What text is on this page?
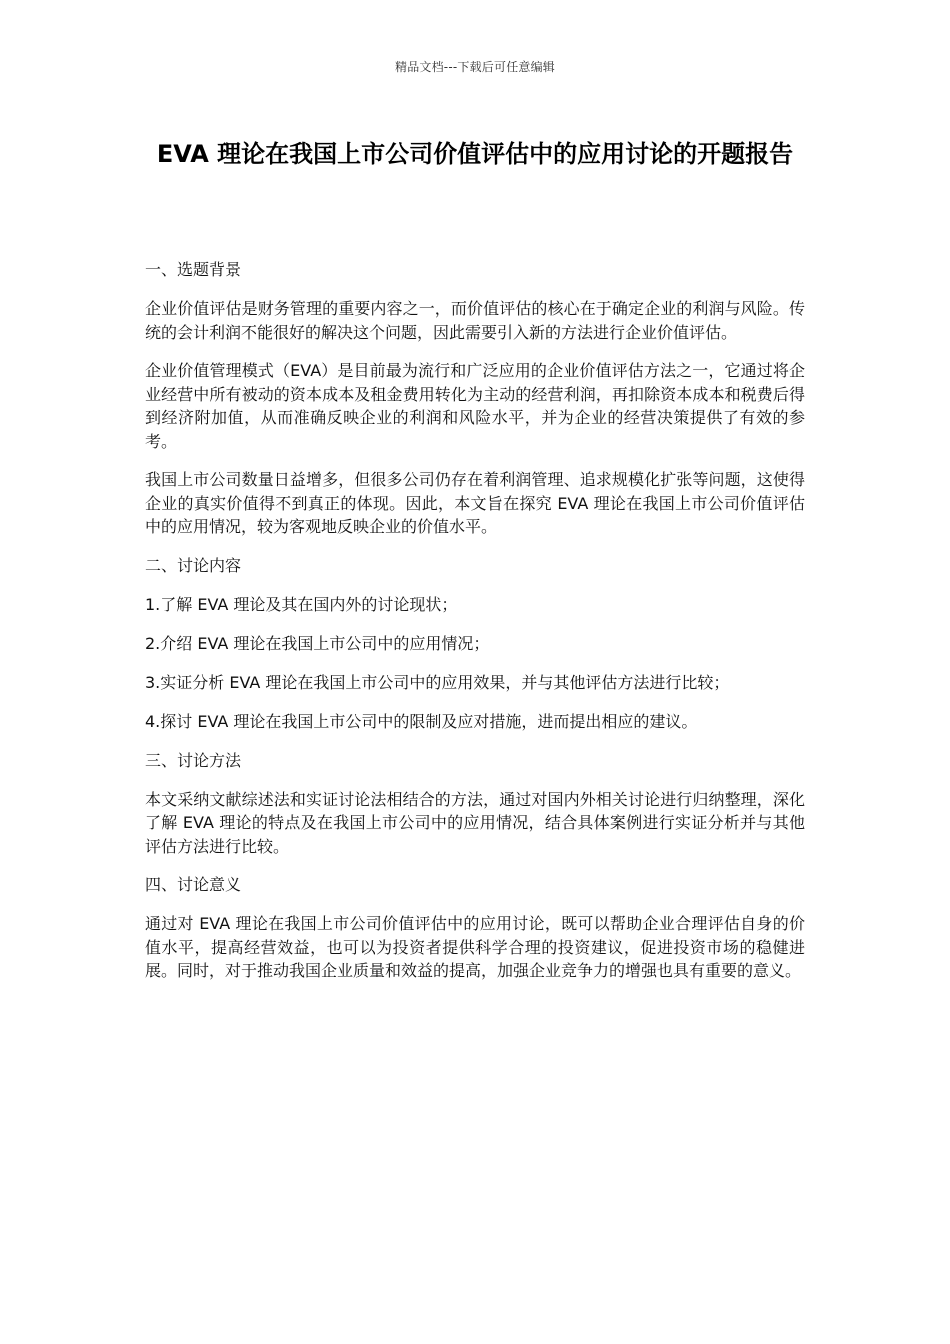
精品文档---下载后可任意编辑
EVA 理论在我国上市公司价值评估中的应用讨论的开题报告
一、选题背景

企业价值评估是财务管理的重要内容之一，而价值评估的核心在于确定企业的利润与风险。传统的会计利润不能很好的解决这个问题，因此需要引入新的方法进行企业价值评估。

企业价值管理模式（EVA）是目前最为流行和广泛应用的企业价值评估方法之一，它通过将企业经营中所有被动的资本成本及租金费用转化为主动的经营利润，再扣除资本成本和税费后得到经济附加值，从而准确反映企业的利润和风险水平，并为企业的经营决策提供了有效的参考。

我国上市公司数量日益增多，但很多公司仍存在着利润管理、追求规模化扩张等问题，这使得企业的真实价值得不到真正的体现。因此，本文旨在探究 EVA 理论在我国上市公司价值评估中的应用情况，较为客观地反映企业的价值水平。

二、讨论内容
1.了解 EVA 理论及其在国内外的讨论现状；
2.介绍 EVA 理论在我国上市公司中的应用情况；
3.实证分析 EVA 理论在我国上市公司中的应用效果，并与其他评估方法进行比较；
4.探讨 EVA 理论在我国上市公司中的限制及应对措施，进而提出相应的建议。
三、讨论方法

本文采纳文献综述法和实证讨论法相结合的方法，通过对国内外相关讨论进行归纳整理，深化了解 EVA 理论的特点及在我国上市公司中的应用情况，结合具体案例进行实证分析并与其他评估方法进行比较。

四、讨论意义

通过对 EVA 理论在我国上市公司价值评估中的应用讨论，既可以帮助企业合理评估自身的价值水平，提高经营效益，也可以为投资者提供科学合理的投资建议，促进投资市场的稳健进展。同时，对于推动我国企业质量和效益的提高，加强企业竞争力的增强也具有重要的意义。
